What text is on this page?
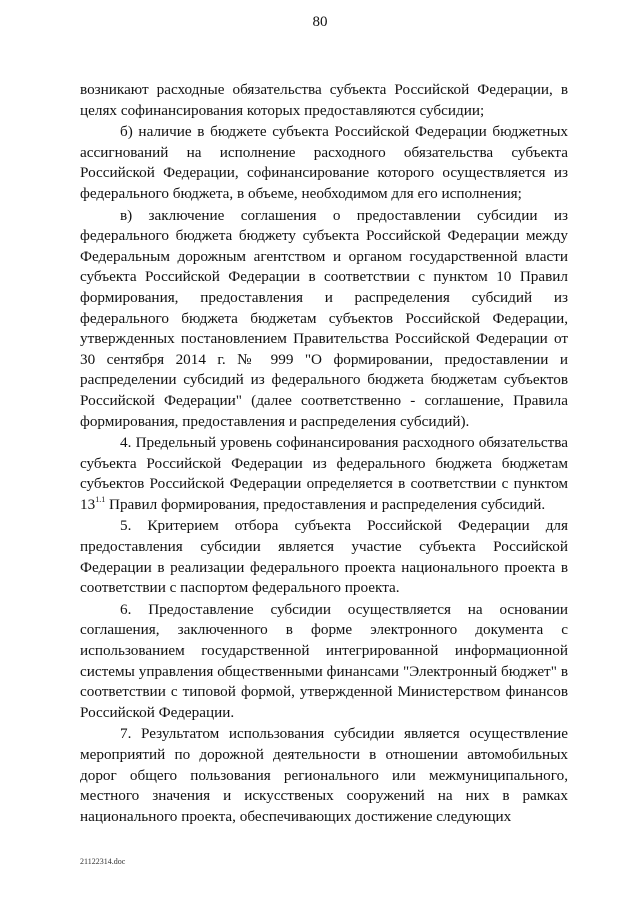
80

возникают расходные обязательства субъекта Российской Федерации, в целях софинансирования которых предоставляются субсидии;

б) наличие в бюджете субъекта Российской Федерации бюджетных ассигнований на исполнение расходного обязательства субъекта Российской Федерации, софинансирование которого осуществляется из федерального бюджета, в объеме, необходимом для его исполнения;

в) заключение соглашения о предоставлении субсидии из федерального бюджета бюджету субъекта Российской Федерации между Федеральным дорожным агентством и органом государственной власти субъекта Российской Федерации в соответствии с пунктом 10 Правил формирования, предоставления и распределения субсидий из федерального бюджета бюджетам субъектов Российской Федерации, утвержденных постановлением Правительства Российской Федерации от 30 сентября 2014 г. № 999 "О формировании, предоставлении и распределении субсидий из федерального бюджета бюджетам субъектов Российской Федерации" (далее соответственно - соглашение, Правила формирования, предоставления и распределения субсидий).

4. Предельный уровень софинансирования расходного обязательства субъекта Российской Федерации из федерального бюджета бюджетам субъектов Российской Федерации определяется в соответствии с пунктом $13^{1.1}$ Правил формирования, предоставления и распределения субсидий.

5. Критерием отбора субъекта Российской Федерации для предоставления субсидии является участие субъекта Российской Федерации в реализации федерального проекта национального проекта в соответствии с паспортом федерального проекта.

6. Предоставление субсидии осуществляется на основании соглашения, заключенного в форме электронного документа с использованием государственной интегрированной информационной системы управления общественными финансами "Электронный бюджет" в соответствии с типовой формой, утвержденной Министерством финансов Российской Федерации.

7. Результатом использования субсидии является осуществление мероприятий по дорожной деятельности в отношении автомобильных дорог общего пользования регионального или межмуниципального, местного значения и искусственых сооружений на них в рамках национального проекта, обеспечивающих достижение следующих

21122314.doc
